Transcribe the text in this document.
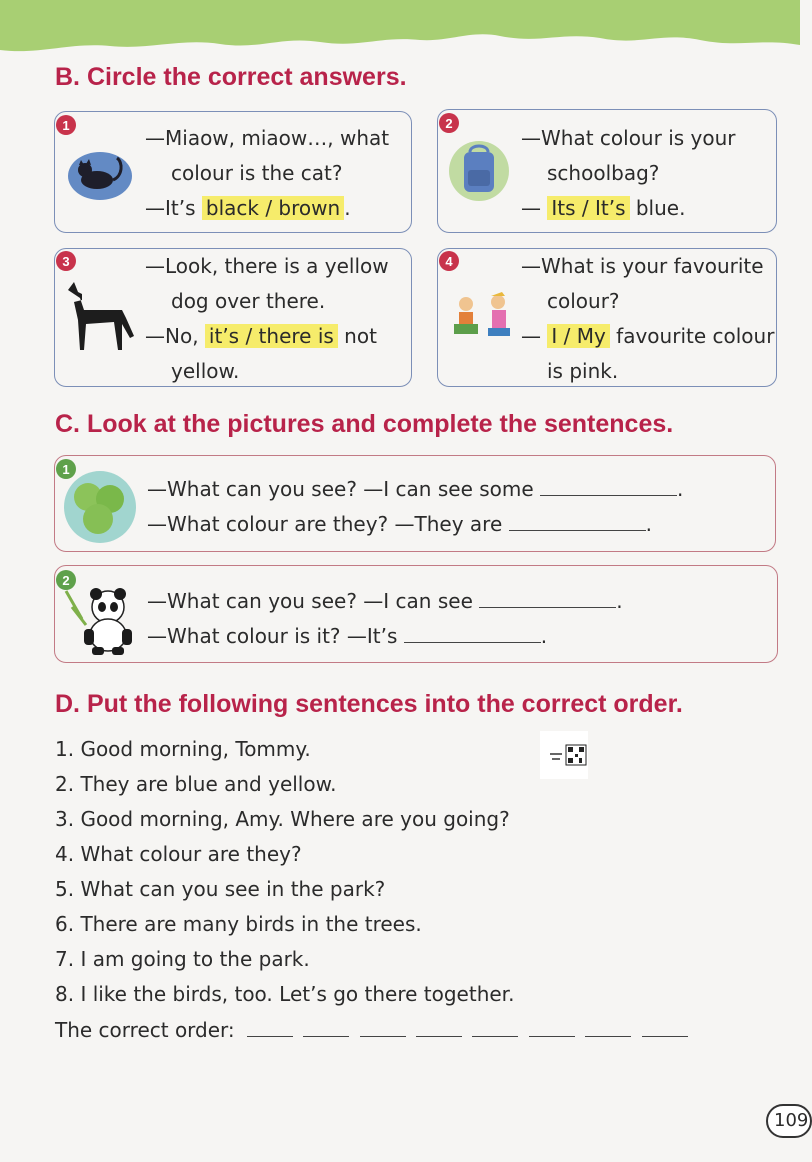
B. Circle the correct answers.
1
—Miaow, miaow…, what
colour is the cat?
—It’s black / brown .
2
—What colour is your
schoolbag?
— Its / It’s blue.
3	—Look, there is a yellow
dog over there.
—No, it’s / there is not
yellow.
4	—What is your favourite
colour?
— I / My favourite colour
is pink.
C. Look at the pictures and complete the sentences.
1
—What can you see? —I can see some	.
—What colour are they? —They are	.
2
—What can you see? —I can see	.
—What colour is it? —It’s	.
D. Put the following sentences into the correct order.
1. Good morning, Tommy.
2. They are blue and yellow.
3. Good morning, Amy. Where are you going?
4. What colour are they?
5. What can you see in the park?
6. There are many birds in the trees.
7. I am going to the park.
8. I like the birds, too. Let’s go there together.
The correct order:
109
